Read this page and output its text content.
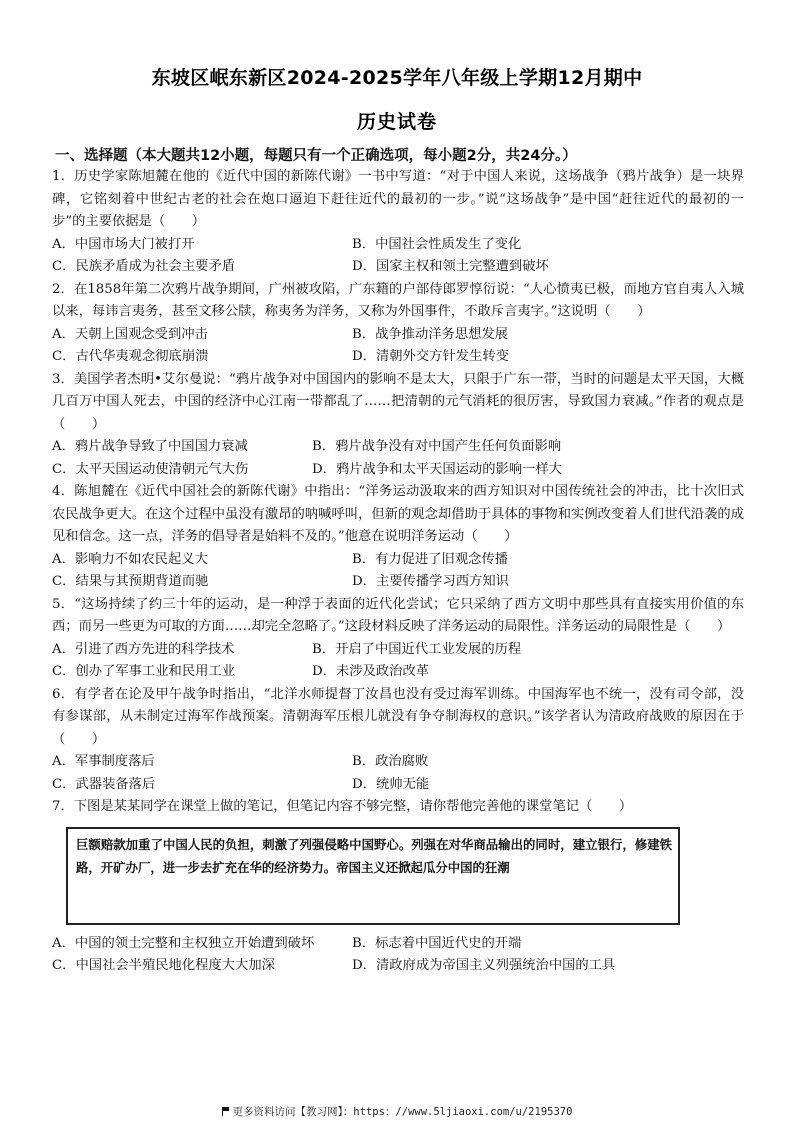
东坡区岷东新区2024-2025学年八年级上学期12月期中
历史试卷
一、选择题（本大题共12小题，每题只有一个正确选项，每小题2分，共24分。）
1．历史学家陈旭麓在他的《近代中国的新陈代谢》一书中写道：“对于中国人来说，这场战争（鸦片战争）是一块界碑，它铭刻着中世纪古老的社会在炮口逼迫下赶往近代的最初的一步。”说“这场战争”是中国“赶往近代的最初的一步”的主要依据是（　　）
A．中国市场大门被打开	B．中国社会性质发生了变化
C．民族矛盾成为社会主要矛盾	D．国家主权和领土完整遭到破坏
2．在1858年第二次鸦片战争期间，广州被攻陷，广东籍的户部侍郎罗惇衍说：“人心愤夷已极，而地方官自夷人入城以来，每讳言夷务，甚至文移公牍，称夷务为洋务，又称为外国事件，不敢斥言夷字。”这说明（　　）
A．天朝上国观念受到冲击	B．战争推动洋务思想发展
C．古代华夷观念彻底崩溃	D．清朝外交方针发生转变
3．美国学者杰明•艾尔曼说：“鸦片战争对中国国内的影响不是太大，只限于广东一带，当时的问题是太平天国，大概几百万中国人死去，中国的经济中心江南一带都乱了……把清朝的元气消耗的很厉害，导致国力衰减。”作者的观点是（　　）
A．鸦片战争导致了中国国力衰减	B．鸦片战争没有对中国产生任何负面影响
C．太平天国运动使清朝元气大伤	D．鸦片战争和太平天国运动的影响一样大
4．陈旭麓在《近代中国社会的新陈代谢》中指出：“洋务运动汲取来的西方知识对中国传统社会的冲击，比十次旧式农民战争更大。在这个过程中虽没有激昂的呐喊呼叫，但新的观念却借助于具体的事物和实例改变着人们世代沿袭的成见和信念。这一点，洋务的倡导者是始料不及的。”他意在说明洋务运动（　　）
A．影响力不如农民起义大	B．有力促进了旧观念传播
C．结果与其预期背道而驰	D．主要传播学习西方知识
5．“这场持续了约三十年的运动，是一种浮于表面的近代化尝试；它只采纳了西方文明中那些具有直接实用价值的东西；而另一些更为可取的方面……却完全忽略了。”这段材料反映了洋务运动的局限性。洋务运动的局限性是（　　）
A．引进了西方先进的科学技术	B．开启了中国近代工业发展的历程
C．创办了军事工业和民用工业	D．未涉及政治改革
6．有学者在论及甲午战争时指出，“北洋水师提督丁汝昌也没有受过海军训练。中国海军也不统一，没有司令部，没有参谋部，从未制定过海军作战预案。清朝海军压根儿就没有争夺制海权的意识。”该学者认为清政府战败的原因在于（　　）
A．军事制度落后	B．政治腐败
C．武器装备落后	D．统帅无能
7．下图是某某同学在课堂上做的笔记，但笔记内容不够完整，请你帮他完善他的课堂笔记（　　）
巨额赔款加重了中国人民的负担，刺激了列强侵略中国野心。列强在对华商品输出的同时，建立银行，修建铁路，开矿办厂，进一步去扩充在华的经济势力。帝国主义还掀起瓜分中国的狂潮
A．中国的领土完整和主权独立开始遭到破坏	B．标志着中国近代史的开端
C．中国社会半殖民地化程度大大加深	D．清政府成为帝国主义列强统治中国的工具
更多资料访问【教习网】：https：//www.5ljiaoxi.com/u/2195370
